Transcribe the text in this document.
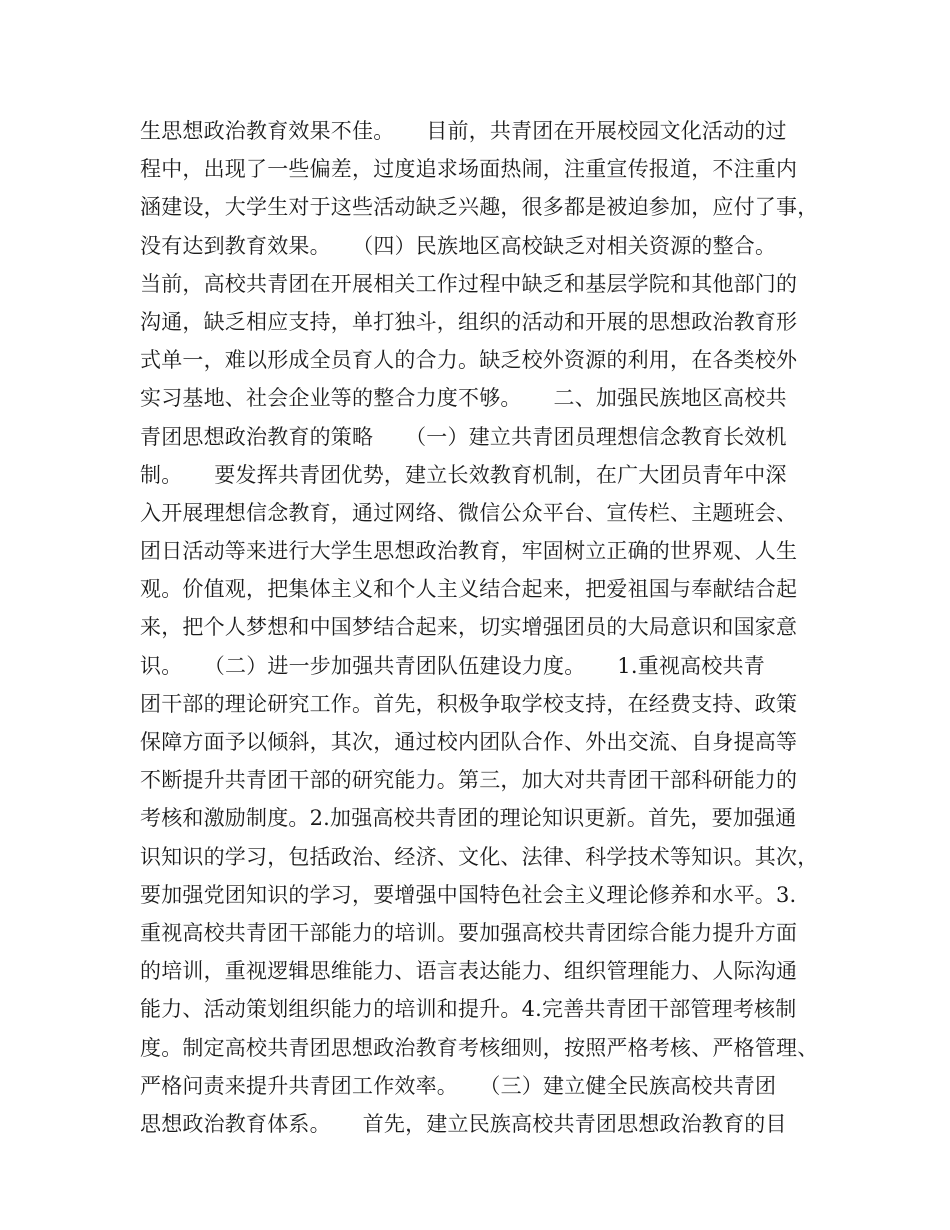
生思想政治教育效果不佳。　　目前，共青团在开展校园文化活动的过
程中，出现了一些偏差，过度追求场面热闹，注重宣传报道，不注重内
涵建设，大学生对于这些活动缺乏兴趣，很多都是被迫参加，应付了事，
没有达到教育效果。　　（四）民族地区高校缺乏对相关资源的整合。
当前，高校共青团在开展相关工作过程中缺乏和基层学院和其他部门的
沟通，缺乏相应支持，单打独斗，组织的活动和开展的思想政治教育形
式单一，难以形成全员育人的合力。缺乏校外资源的利用，在各类校外
实习基地、社会企业等的整合力度不够。　　二、加强民族地区高校共
青团思想政治教育的策略　　（一）建立共青团员理想信念教育长效机
制。　　要发挥共青团优势，建立长效教育机制，在广大团员青年中深
入开展理想信念教育，通过网络、微信公众平台、宣传栏、主题班会、
团日活动等来进行大学生思想政治教育，牢固树立正确的世界观、人生
观。价值观，把集体主义和个人主义结合起来，把爱祖国与奉献结合起
来，把个人梦想和中国梦结合起来，切实增强团员的大局意识和国家意
识。　　（二）进一步加强共青团队伍建设力度。　　1.重视高校共青
团干部的理论研究工作。首先，积极争取学校支持，在经费支持、政策
保障方面予以倾斜，其次，通过校内团队合作、外出交流、自身提高等
不断提升共青团干部的研究能力。第三，加大对共青团干部科研能力的
考核和激励制度。2.加强高校共青团的理论知识更新。首先，要加强通
识知识的学习，包括政治、经济、文化、法律、科学技术等知识。其次，
要加强党团知识的学习，要增强中国特色社会主义理论修养和水平。3.
重视高校共青团干部能力的培训。要加强高校共青团综合能力提升方面
的培训，重视逻辑思维能力、语言表达能力、组织管理能力、人际沟通
能力、活动策划组织能力的培训和提升。4.完善共青团干部管理考核制
度。制定高校共青团思想政治教育考核细则，按照严格考核、严格管理、
严格问责来提升共青团工作效率。　　（三）建立健全民族高校共青团
思想政治教育体系。　　首先，建立民族高校共青团思想政治教育的目
